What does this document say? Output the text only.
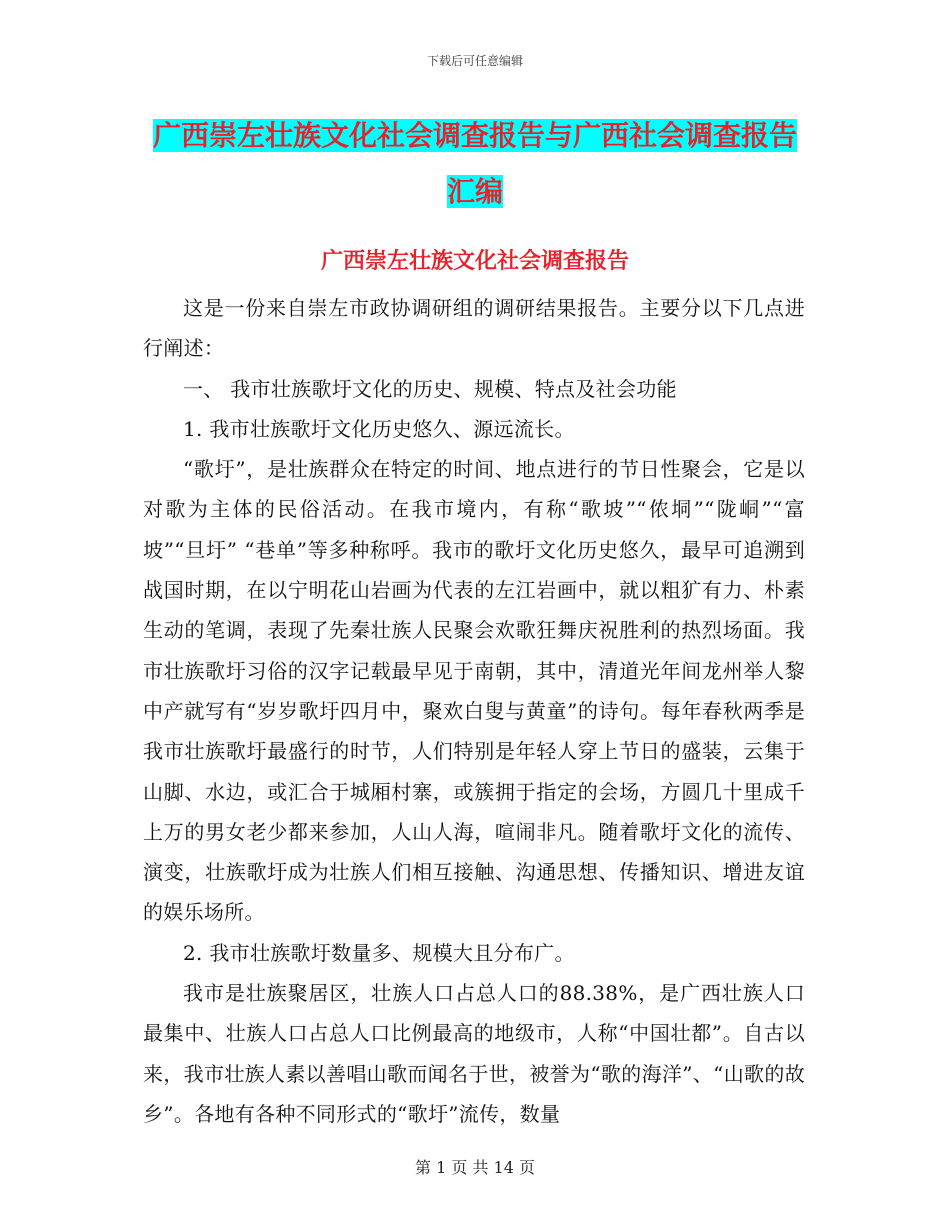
下载后可任意编辑
广西崇左壮族文化社会调查报告与广西社会调查报告
汇编
广西崇左壮族文化社会调查报告

这是一份来自崇左市政协调研组的调研结果报告。主要分以下几点进行阐述：

一、 我市壮族歌圩文化的历史、规模、特点及社会功能

1. 我市壮族歌圩文化历史悠久、源远流长。

“歌圩”，是壮族群众在特定的时间、地点进行的节日性聚会，它是以对歌为主体的民俗活动。在我市境内，有称“歌坡”“侬垌”“陇峒”“富坡”“旦圩” “巷单”等多种称呼。我市的歌圩文化历史悠久，最早可追溯到战国时期，在以宁明花山岩画为代表的左江岩画中，就以粗犷有力、朴素生动的笔调，表现了先秦壮族人民聚会欢歌狂舞庆祝胜利的热烈场面。我市壮族歌圩习俗的汉字记载最早见于南朝，其中，清道光年间龙州举人黎中产就写有“岁岁歌圩四月中，聚欢白叟与黄童”的诗句。每年春秋两季是我市壮族歌圩最盛行的时节，人们特别是年轻人穿上节日的盛装，云集于山脚、水边，或汇合于城厢村寨，或簇拥于指定的会场，方圆几十里成千上万的男女老少都来参加，人山人海，喧闹非凡。随着歌圩文化的流传、演变，壮族歌圩成为壮族人们相互接触、沟通思想、传播知识、增进友谊的娱乐场所。

2. 我市壮族歌圩数量多、规模大且分布广。

我市是壮族聚居区，壮族人口占总人口的88.38%，是广西壮族人口最集中、壮族人口占总人口比例最高的地级市，人称“中国壮都”。自古以来，我市壮族人素以善唱山歌而闻名于世，被誉为“歌的海洋”、“山歌的故乡”。各地有各种不同形式的“歌圩”流传，数量

第 1 页 共 14 页
